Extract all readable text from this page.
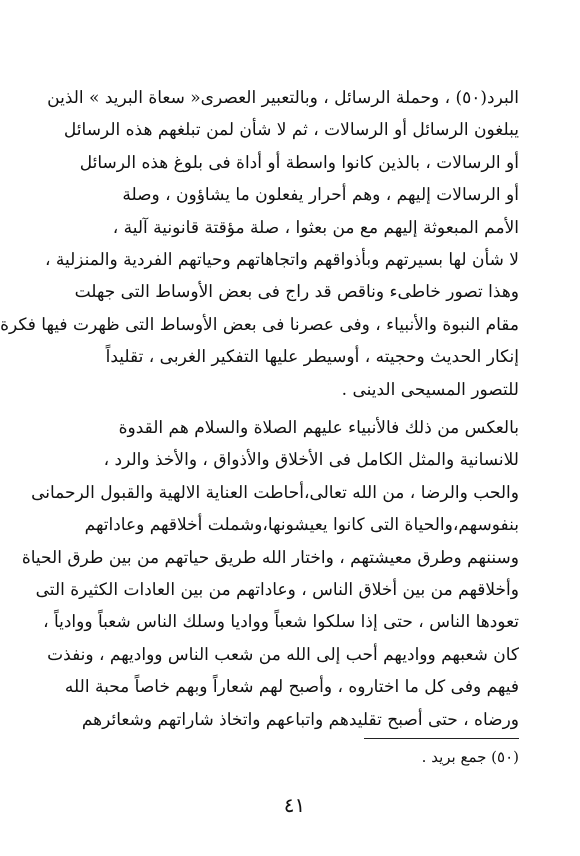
البرد(٥٠) ، وحملة الرسائل ، وبالتعبير العصرى« سعاة البريد » الذين
يبلغون الرسائل أو الرسالات ، ثم لا شأن لمن تبلغهم هذه الرسائل
أو الرسالات ، بالذين كانوا واسطة أو أداة فى بلوغ هذه الرسائل
أو الرسالات إليهم ، وهم أحرار يفعلون ما يشاؤون ، وصلة
الأمم المبعوثة إليهم مع من بعثوا ، صلة مؤقتة قانونية آلية ،
لا شأن لها بسيرتهم وبأذواقهم واتجاهاتهم وحياتهم الفردية والمنزلية ،
وهذا تصور خاطىء وناقص قد راج فى بعض الأوساط التى جهلت
مقام النبوة والأنبياء ، وفى عصرنا فى بعض الأوساط التى ظهرت فيها فكرة
إنكار الحديث وحجيته ، أوسيطر عليها التفكير الغربى ، تقليداً
للتصور المسيحى الدينى .
بالعكس من ذلك فالأنبياء عليهم الصلاة والسلام هم القدوة
للانسانية والمثل الكامل فى الأخلاق والأذواق ، والأخذ والرد ،
والحب والرضا ، من الله تعالى،أحاطت العناية الالهية والقبول الرحمانى
بنفوسهم،والحياة التى كانوا يعيشونها،وشملت أخلاقهم وعاداتهم
وسننهم وطرق معيشتهم ، واختار الله طريق حياتهم من بين طرق الحياة
وأخلاقهم من بين أخلاق الناس ، وعاداتهم من بين العادات الكثيرة التى
تعودها الناس ، حتى إذا سلكوا شعباً وواديا وسلك الناس شعباً ووادياً ،
كان شعبهم وواديهم أحب إلى الله من شعب الناس وواديهم ، ونفذت
فيهم وفى كل ما اختاروه ، وأصبح لهم شعاراً وبهم خاصاً محبة الله
ورضاه ، حتى أصبح تقليدهم واتباعهم واتخاذ شاراتهم وشعائرهم
(٥٠) جمع بريد .
٤١
